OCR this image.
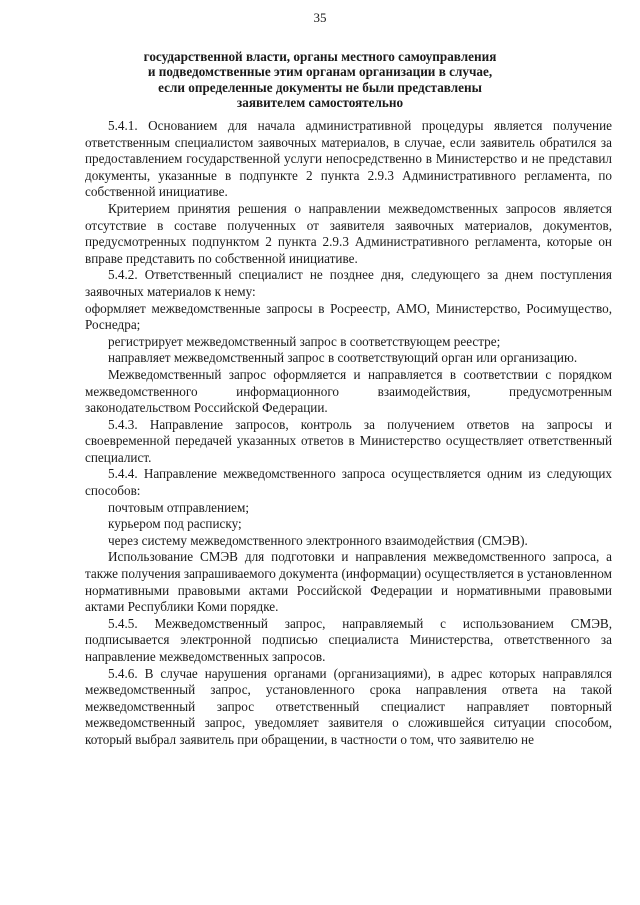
35
государственной власти, органы местного самоуправления
и подведомственные этим органам организации в случае,
если определенные документы не были представлены
заявителем самостоятельно

5.4.1. Основанием для начала административной процедуры является получение ответственным специалистом заявочных материалов, в случае, если заявитель обратился за предоставлением государственной услуги непосредственно в Министерство и не представил документы, указанные в подпункте 2 пункта 2.9.3 Административного регламента, по собственной инициативе.

Критерием принятия решения о направлении межведомственных запросов является отсутствие в составе полученных от заявителя заявочных материалов, документов, предусмотренных подпунктом 2 пункта 2.9.3 Административного регламента, которые он вправе представить по собственной инициативе.

5.4.2. Ответственный специалист не позднее дня, следующего за днем поступления заявочных материалов к нему:

оформляет межведомственные запросы в Росреестр, АМО, Министерство, Росимущество, Роснедра;

регистрирует межведомственный запрос в соответствующем реестре;

направляет межведомственный запрос в соответствующий орган или организацию.

Межведомственный запрос оформляется и направляется в соответствии с порядком межведомственного информационного взаимодействия, предусмотренным законодательством Российской Федерации.

5.4.3. Направление запросов, контроль за получением ответов на запросы и своевременной передачей указанных ответов в Министерство осуществляет ответственный специалист.

5.4.4. Направление межведомственного запроса осуществляется одним из следующих способов:

почтовым отправлением;

курьером под расписку;

через систему межведомственного электронного взаимодействия (СМЭВ).

Использование СМЭВ для подготовки и направления межведомственного запроса, а также получения запрашиваемого документа (информации) осуществляется в установленном нормативными правовыми актами Российской Федерации и нормативными правовыми актами Республики Коми порядке.

5.4.5. Межведомственный запрос, направляемый с использованием СМЭВ, подписывается электронной подписью специалиста Министерства, ответственного за направление межведомственных запросов.

5.4.6. В случае нарушения органами (организациями), в адрес которых направлялся межведомственный запрос, установленного срока направления ответа на такой межведомственный запрос ответственный специалист направляет повторный межведомственный запрос, уведомляет заявителя о сложившейся ситуации способом, который выбрал заявитель при обращении, в частности о том, что заявителю не
